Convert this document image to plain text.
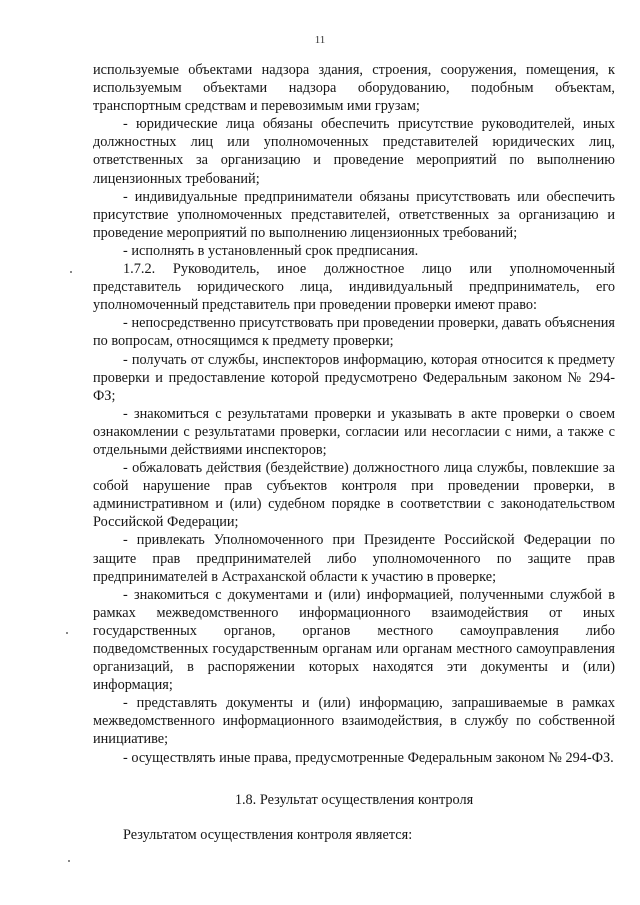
11

используемые объектами надзора здания, строения, сооружения, помещения, к используемым объектами надзора оборудованию, подобным объектам, транспортным средствам и перевозимым ими грузам;

- юридические лица обязаны обеспечить присутствие руководителей, иных должностных лиц или уполномоченных представителей юридических лиц, ответственных за организацию и проведение мероприятий по выполнению лицензионных требований;

- индивидуальные предприниматели обязаны присутствовать или обеспечить присутствие уполномоченных представителей, ответственных за организацию и проведение мероприятий по выполнению лицензионных требований;

- исполнять в установленный срок предписания.

1.7.2. Руководитель, иное должностное лицо или уполномоченный представитель юридического лица, индивидуальный предприниматель, его уполномоченный представитель при проведении проверки имеют право:

- непосредственно присутствовать при проведении проверки, давать объяснения по вопросам, относящимся к предмету проверки;

- получать от службы, инспекторов информацию, которая относится к предмету проверки и предоставление которой предусмотрено Федеральным законом № 294-ФЗ;

- знакомиться с результатами проверки и указывать в акте проверки о своем ознакомлении с результатами проверки, согласии или несогласии с ними, а также с отдельными действиями инспекторов;

- обжаловать действия (бездействие) должностного лица службы, повлекшие за собой нарушение прав субъектов контроля при проведении проверки, в административном и (или) судебном порядке в соответствии с законодательством Российской Федерации;

- привлекать Уполномоченного при Президенте Российской Федерации по защите прав предпринимателей либо уполномоченного по защите прав предпринимателей в Астраханской области к участию в проверке;

- знакомиться с документами и (или) информацией, полученными службой в рамках межведомственного информационного взаимодействия от иных государственных органов, органов местного самоуправления либо подведомственных государственным органам или органам местного самоуправления организаций, в распоряжении которых находятся эти документы и (или) информация;

- представлять документы и (или) информацию, запрашиваемые в рамках межведомственного информационного взаимодействия, в службу по собственной инициативе;

- осуществлять иные права, предусмотренные Федеральным законом № 294-ФЗ.

1.8. Результат осуществления контроля

Результатом осуществления контроля является:
